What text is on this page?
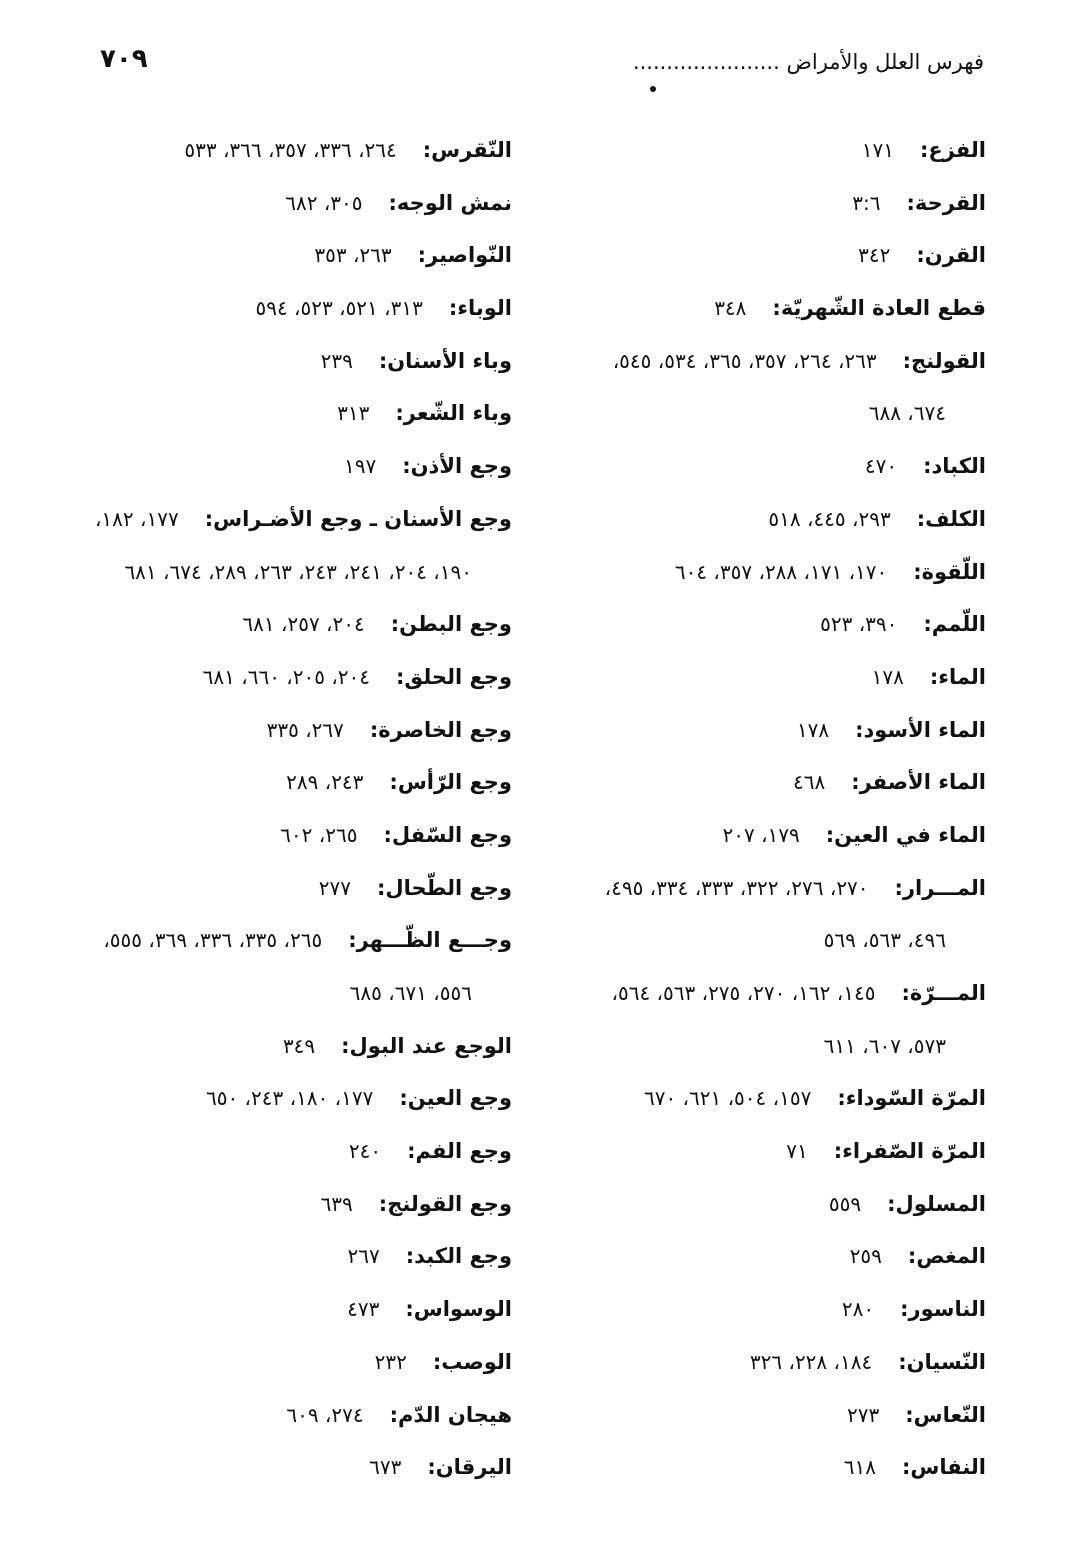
فهرس العلل والأمراض ......................
٧٠٩
الفزع:١٧١
القرحة:٣:٦
القرن:٣٤٢
قطع العادة الشّهريّة:٣٤٨
القولنج:٢٦٣، ٢٦٤، ٣٥٧، ٣٦٥، ٥٣٤، ٥٤٥،
٦٧٤، ٦٨٨
الكباد:٤٧٠
الكلف:٢٩٣، ٤٤٥، ٥١٨
اللّقوة:١٧٠، ١٧١، ٢٨٨، ٣٥٧، ٦٠٤
اللّمم:٣٩٠، ٥٢٣
الماء:١٧٨
الماء الأسود:١٧٨
الماء الأصفر:٤٦٨
الماء في العين:١٧٩، ٢٠٧
المـــرار:٢٧٠، ٢٧٦، ٣٢٢، ٣٣٣، ٣٣٤، ٤٩٥،
٤٩٦، ٥٦٣، ٥٦٩
المـــرّة:١٤٥، ١٦٢، ٢٧٠، ٢٧٥، ٥٦٣، ٥٦٤،
٥٧٣، ٦٠٧، ٦١١
المرّة السّوداء:١٥٧، ٥٠٤، ٦٢١، ٦٧٠
المرّة الصّفراء:٧١
المسلول:٥٥٩
المغص:٢٥٩
الناسور:٢٨٠
النّسيان:١٨٤، ٢٢٨، ٣٢٦
النّعاس:٢٧٣
النفاس:٦١٨
النّقرس:٢٦٤، ٣٣٦، ٣٥٧، ٣٦٦، ٥٣٣
نمش الوجه:٣٠٥، ٦٨٢
النّواصير:٢٦٣، ٣٥٣
الوباء:٣١٣، ٥٢١، ٥٢٣، ٥٩٤
وباء الأسنان:٢٣٩
وباء الشّعر:٣١٣
وجع الأذن:١٩٧
وجع الأسنان ـ وجع الأضـراس:١٧٧، ١٨٢،
١٩٠، ٢٠٤، ٢٤١، ٢٤٣، ٢٦٣، ٢٨٩، ٦٧٤، ٦٨١
وجع البطن:٢٠٤، ٢٥٧، ٦٨١
وجع الحلق:٢٠٤، ٢٠٥، ٦٦٠، ٦٨١
وجع الخاصرة:٢٦٧، ٣٣٥
وجع الرّأس:٢٤٣، ٢٨٩
وجع السّفل:٢٦٥، ٦٠٢
وجع الطّحال:٢٧٧
وجـــع الظّـــهر:٢٦٥، ٣٣٥، ٣٣٦، ٣٦٩، ٥٥٥،
٥٥٦، ٦٧١، ٦٨٥
الوجع عند البول:٣٤٩
وجع العين:١٧٧، ١٨٠، ٢٤٣، ٦٥٠
وجع الفم:٢٤٠
وجع القولنج:٦٣٩
وجع الكبد:٢٦٧
الوسواس:٤٧٣
الوصب:٢٣٢
هيجان الدّم:٢٧٤، ٦٠٩
اليرقان:٦٧٣
